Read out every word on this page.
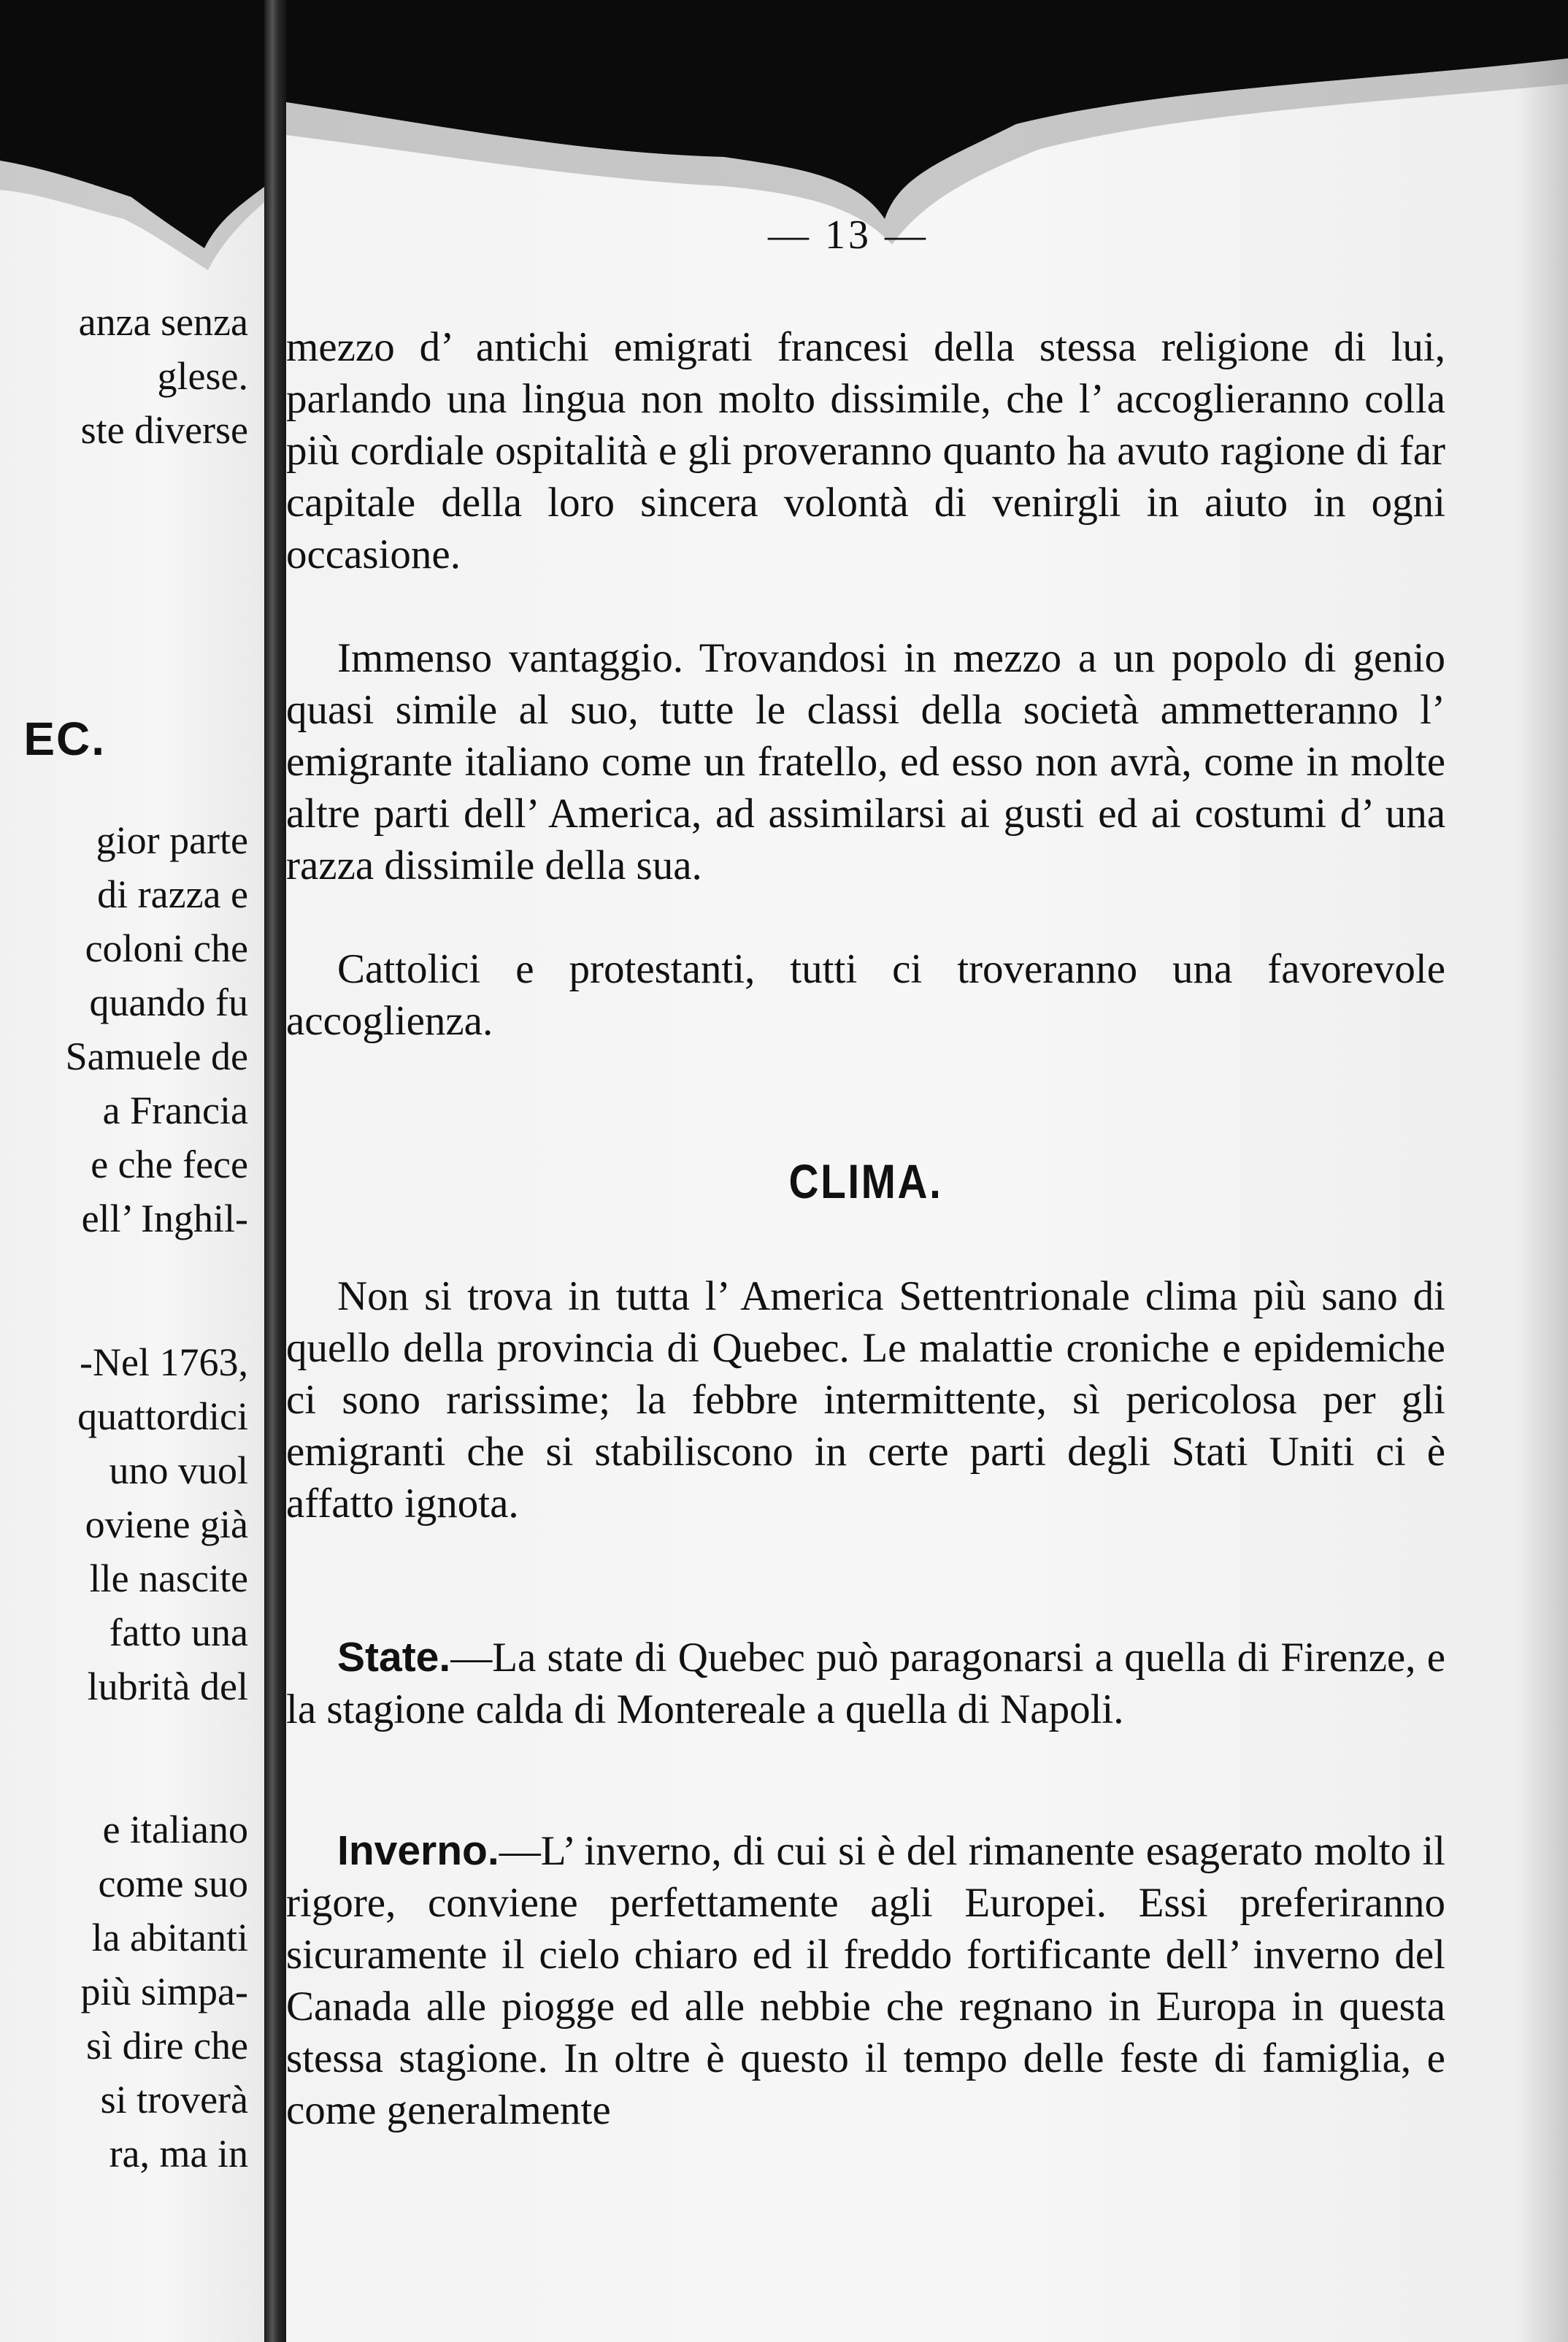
anza senza
glese.
ste diverse
gior parte
di razza e
coloni che
quando fu
Samuele de
a Francia
e che fece
ell’ Inghil-
-Nel 1763,
quattordici
uno vuol
oviene già
lle nascite
fatto una
lubrità del
e italiano
come suo
la abitanti
più simpa-
sì dire che
si troverà
ra, ma in
EC.
— 13 —

mezzo d’ antichi emigrati francesi della stessa religione di lui, parlando una lingua non molto dissimile, che l’ accoglieranno colla più cordiale ospitalità e gli proveranno quanto ha avuto ragione di far capitale della loro sincera volontà di venirgli in aiuto in ogni occasione.

Immenso vantaggio. Trovandosi in mezzo a un popolo di genio quasi simile al suo, tutte le classi della società ammetteranno l’ emigrante italiano come un fratello, ed esso non avrà, come in molte altre parti dell’ America, ad assimilarsi ai gusti ed ai costumi d’ una razza dissimile della sua.

Cattolici e protestanti, tutti ci troveranno una favorevole accoglienza.

CLIMA.

Non si trova in tutta l’ America Settentrionale clima più sano di quello della provincia di Quebec. Le malattie croniche e epidemiche ci sono rarissime; la febbre intermittente, sì pericolosa per gli emigranti che si stabiliscono in certe parti degli Stati Uniti ci è affatto ignota.

State.—La state di Quebec può paragonarsi a quella di Firenze, e la stagione calda di Montereale a quella di Napoli.

Inverno.—L’ inverno, di cui si è del rimanente esagerato molto il rigore, conviene perfettamente agli Europei. Essi preferiranno sicuramente il cielo chiaro ed il freddo fortificante dell’ inverno del Canada alle piogge ed alle nebbie che regnano in Europa in questa stessa stagione. In oltre è questo il tempo delle feste di famiglia, e come generalmente
